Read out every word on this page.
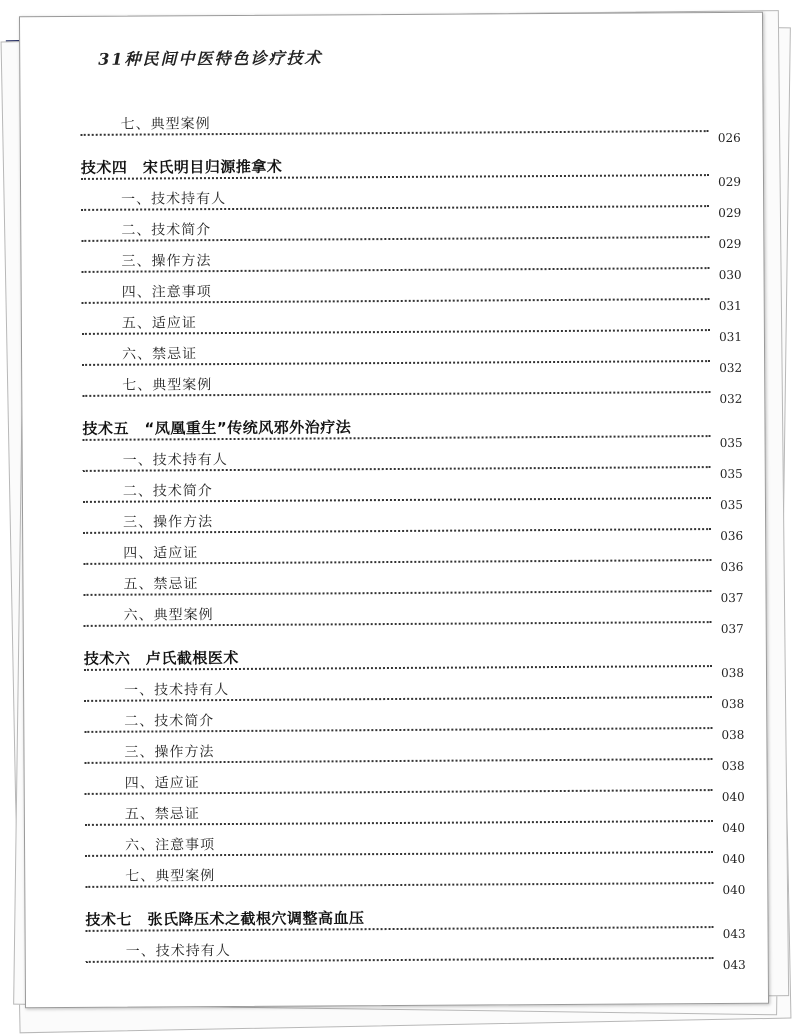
31种民间中医特色诊疗技术
七、典型案例
026
技术四　宋氏明目归源推拿术
029
一、技术持有人
029
二、技术简介
029
三、操作方法
030
四、注意事项
031
五、适应证
031
六、禁忌证
032
七、典型案例
032
技术五　“凤凰重生”传统风邪外治疗法
035
一、技术持有人
035
二、技术简介
035
三、操作方法
036
四、适应证
036
五、禁忌证
037
六、典型案例
037
技术六　卢氏截根医术
038
一、技术持有人
038
二、技术简介
038
三、操作方法
038
四、适应证
040
五、禁忌证
040
六、注意事项
040
七、典型案例
040
技术七　张氏降压术之截根穴调整高血压
043
一、技术持有人
043
